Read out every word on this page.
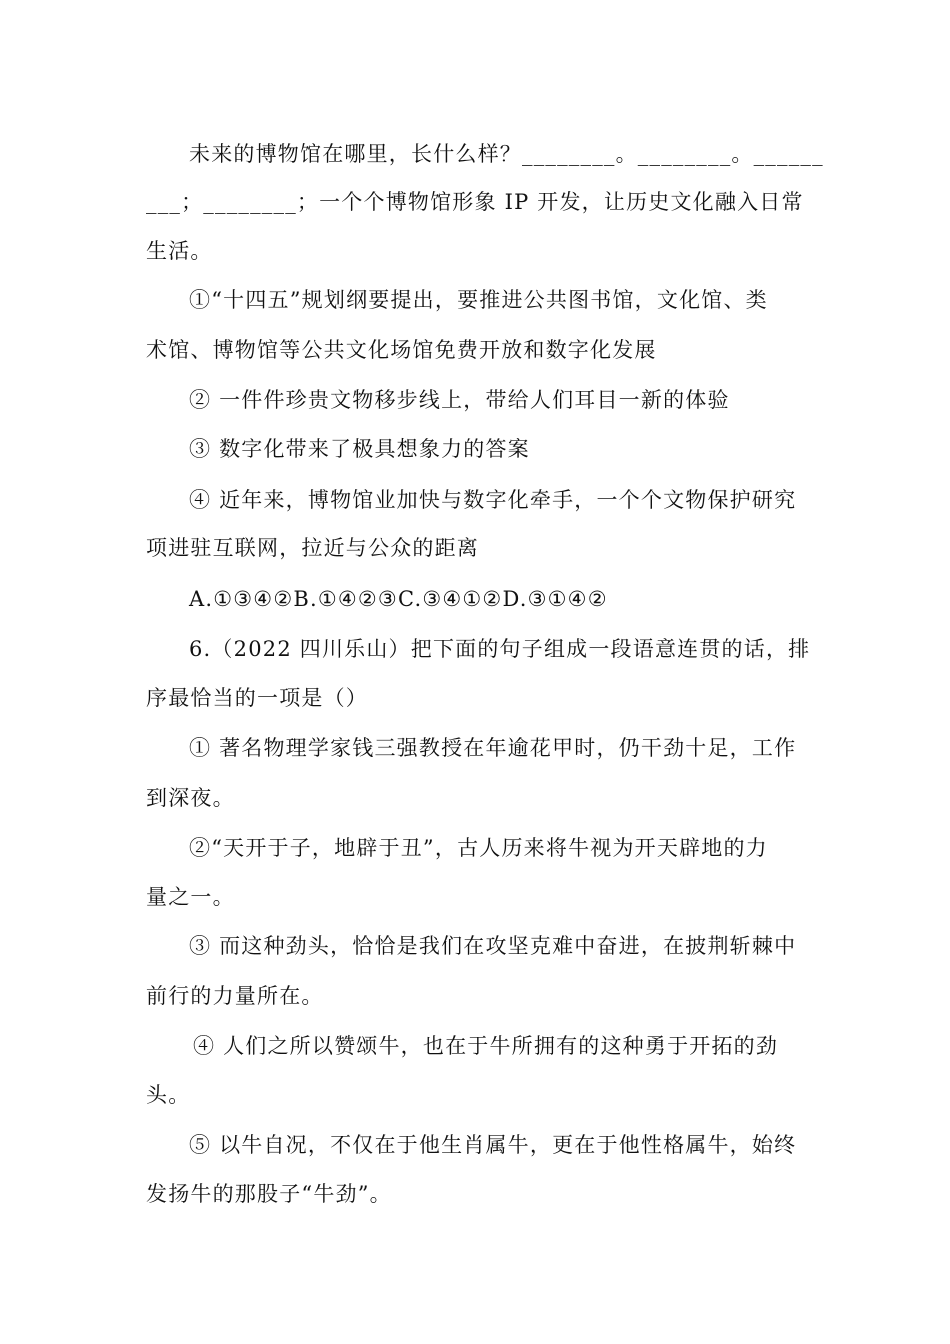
未来的博物馆在哪里，长什么样？________。________。______
___；________；一个个博物馆形象 IP 开发，让历史文化融入日常
生活。
①“十四五”规划纲要提出，要推进公共图书馆，文化馆、类
术馆、博物馆等公共文化场馆免费开放和数字化发展
② 一件件珍贵文物移步线上，带给人们耳目一新的体验
③ 数字化带来了极具想象力的答案
④ 近年来，博物馆业加快与数字化牵手，一个个文物保护研究
项进驻互联网，拉近与公众的距离
A.①③④②B.①④②③C.③④①②D.③①④②
6.（2022 四川乐山）把下面的句子组成一段语意连贯的话，排
序最恰当的一项是（）
① 著名物理学家钱三强教授在年逾花甲时，仍干劲十足，工作
到深夜。
②“天开于子，地辟于丑”，古人历来将牛视为开天辟地的力
量之一。
③ 而这种劲头，恰恰是我们在攻坚克难中奋进，在披荆斩棘中
前行的力量所在。
④ 人们之所以赞颂牛，也在于牛所拥有的这种勇于开拓的劲
头。
⑤ 以牛自况，不仅在于他生肖属牛，更在于他性格属牛，始终
发扬牛的那股子“牛劲”。
